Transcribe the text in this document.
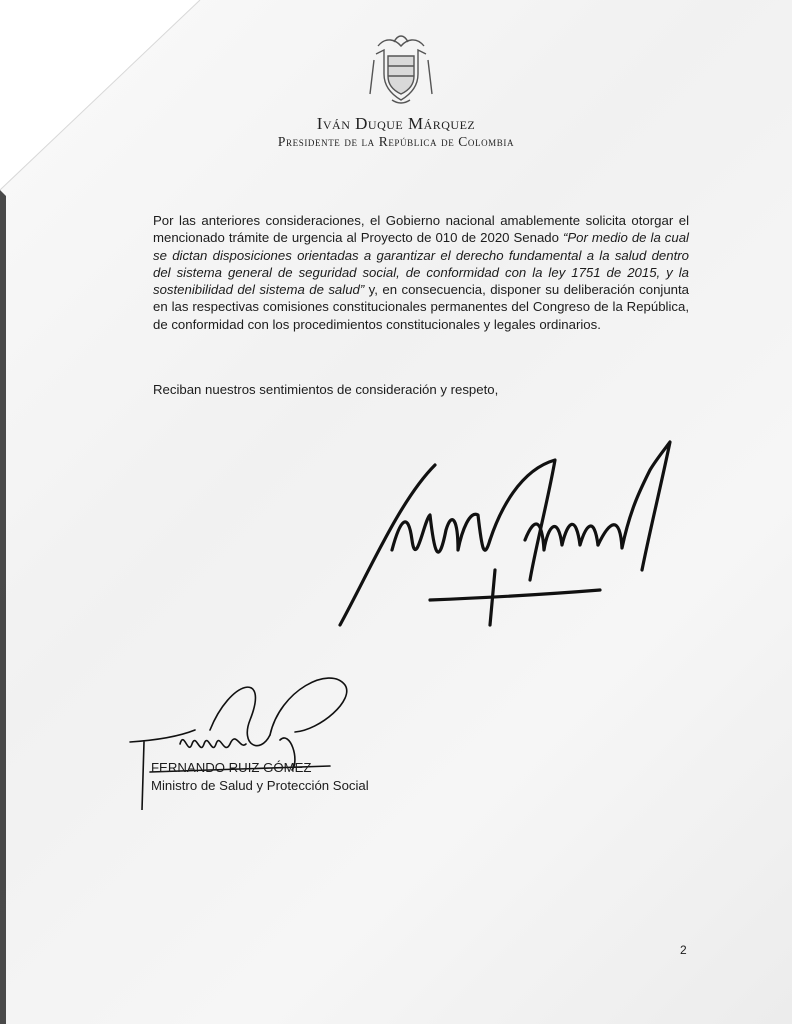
Iván Duque Márquez
Presidente de la República de Colombia

Por las anteriores consideraciones, el Gobierno nacional amablemente solicita otorgar el mencionado trámite de urgencia al Proyecto de 010 de 2020 Senado “Por medio de la cual se dictan disposiciones orientadas a garantizar el derecho fundamental a la salud dentro del sistema general de seguridad social, de conformidad con la ley 1751 de 2015, y la sostenibilidad del sistema de salud” y, en consecuencia, disponer su deliberación conjunta en las respectivas comisiones constitucionales permanentes del Congreso de la República, de conformidad con los procedimientos constitucionales y legales ordinarios.

Reciban nuestros sentimientos de consideración y respeto,
FERNANDO RUIZ GÓMEZ
Ministro de Salud y Protección Social
2
